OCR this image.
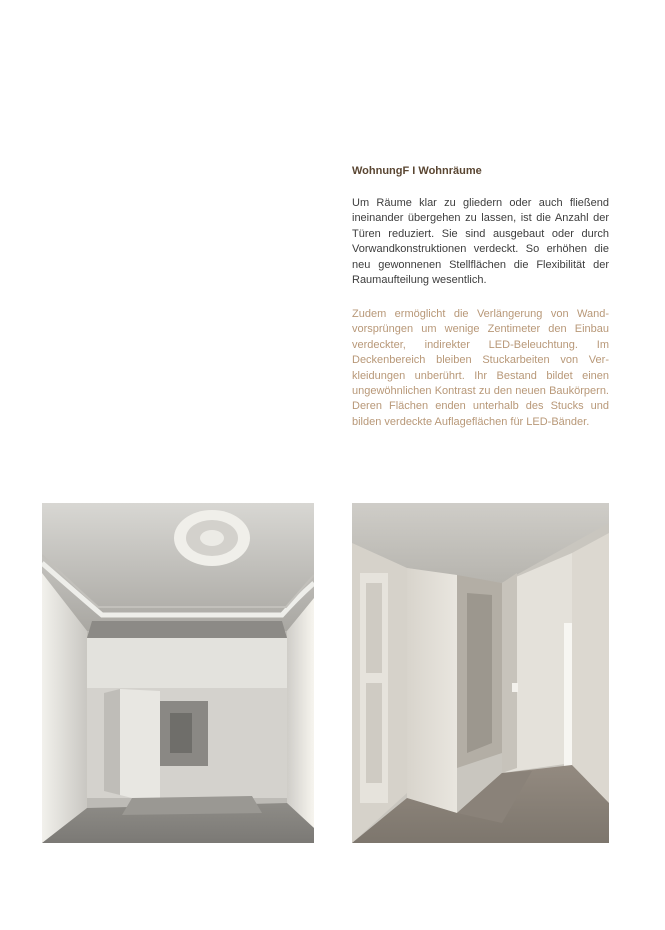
WohnungF I Wohnräume

Um Räume klar zu gliedern oder auch fließend ineinander übergehen zu lassen, ist die Anzahl der Türen reduziert. Sie sind ausgebaut oder durch Vorwandkonstruktionen verdeckt. So erhöhen die neu gewonnenen Stellflächen die Flexibilität der Raumaufteilung wesentlich.

Zudem ermöglicht die Verlängerung von Wandvorsprüngen um wenige Zentimeter den Einbau verdeckter, indirekter LED-Beleuchtung. Im Deckenbereich bleiben Stuckarbeiten von Verkleidungen unberührt. Ihr Bestand bildet einen ungewöhnlichen Kontrast zu den neuen Baukörpern. Deren Flächen enden unterhalb des Stucks und bilden verdeckte Auflageflächen für LED-Bänder.
